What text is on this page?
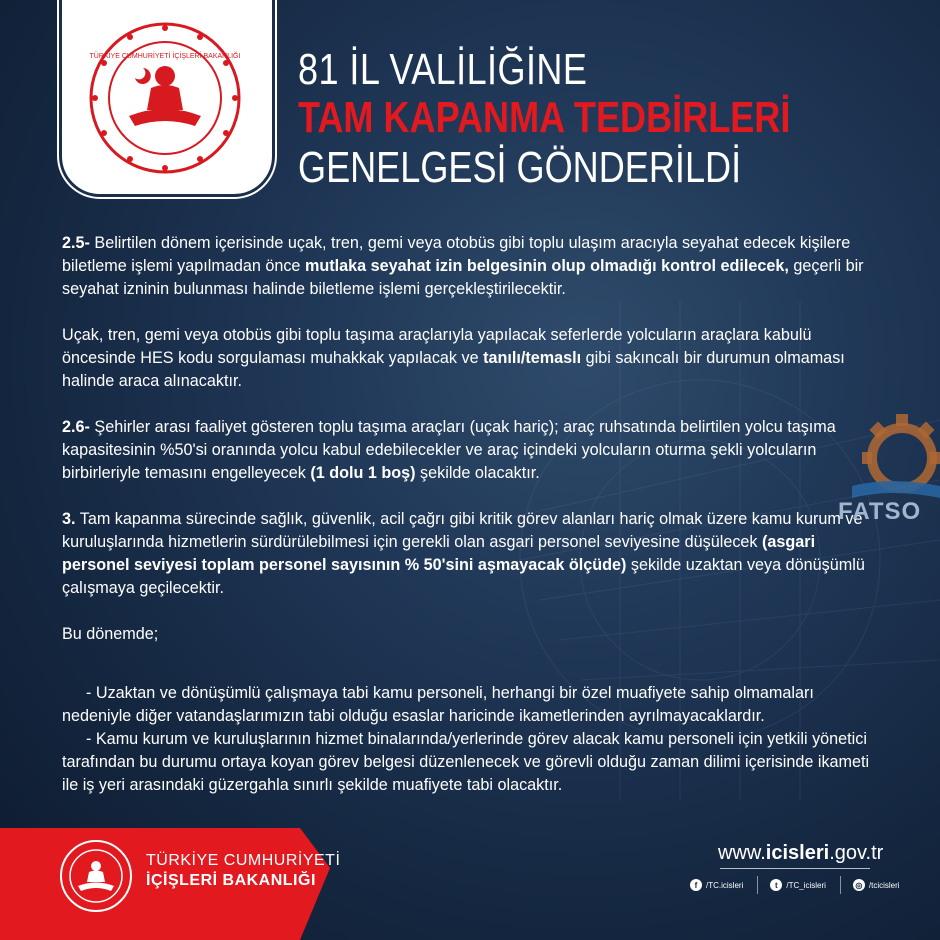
TÜRKİYE CUMHURİYETİ İÇİŞLERİ BAKANLIĞI 81 İL VALİLİĞİNE
TAM KAPANMA TEDBİRLERİ
GENELGESİ GÖNDERİLDİ

2.5- Belirtilen dönem içerisinde uçak, tren, gemi veya otobüs gibi toplu ulaşım aracıyla seyahat edecek kişilere biletleme işlemi yapılmadan önce mutlaka seyahat izin belgesinin olup olmadığı kontrol edilecek, geçerli bir seyahat izninin bulunması halinde biletleme işlemi gerçekleştirilecektir.

Uçak, tren, gemi veya otobüs gibi toplu taşıma araçlarıyla yapılacak seferlerde yolcuların araçlara kabulü öncesinde HES kodu sorgulaması muhakkak yapılacak ve tanılı/temaslı gibi sakıncalı bir durumun olmaması halinde araca alınacaktır.

2.6- Şehirler arası faaliyet gösteren toplu taşıma araçları (uçak hariç); araç ruhsatında belirtilen yolcu taşıma kapasitesinin %50'si oranında yolcu kabul edebilecekler ve araç içindeki yolcuların oturma şekli yolcuların birbirleriyle temasını engelleyecek (1 dolu 1 boş) şekilde olacaktır.

3. Tam kapanma sürecinde sağlık, güvenlik, acil çağrı gibi kritik görev alanları hariç olmak üzere kamu kurum ve kuruluşlarında hizmetlerin sürdürülebilmesi için gerekli olan asgari personel seviyesine düşülecek (asgari personel seviyesi toplam personel sayısının % 50'sini aşmayacak ölçüde) şekilde uzaktan veya dönüşümlü çalışmaya geçilecektir.

Bu dönemde;

- Uzaktan ve dönüşümlü çalışmaya tabi kamu personeli, herhangi bir özel muafiyete sahip olmamaları nedeniyle diğer vatandaşlarımızın tabi olduğu esaslar haricinde ikametlerinden ayrılmayacaklardır.

- Kamu kurum ve kuruluşlarının hizmet binalarında/yerlerinde görev alacak kamu personeli için yetkili yönetici tarafından bu durumu ortaya koyan görev belgesi düzenlenecek ve görevli olduğu zaman dilimi içerisinde ikameti ile iş yeri arasındaki güzergahla sınırlı şekilde muafiyete tabi olacaktır.

FATSO
TÜRKİYE CUMHURİYETİ
İÇİŞLERİ BAKANLIĞI
www.icisleri.gov.tr
f	/TC.icisleri	t	/TC_icisleri	◎ /tcicisleri
